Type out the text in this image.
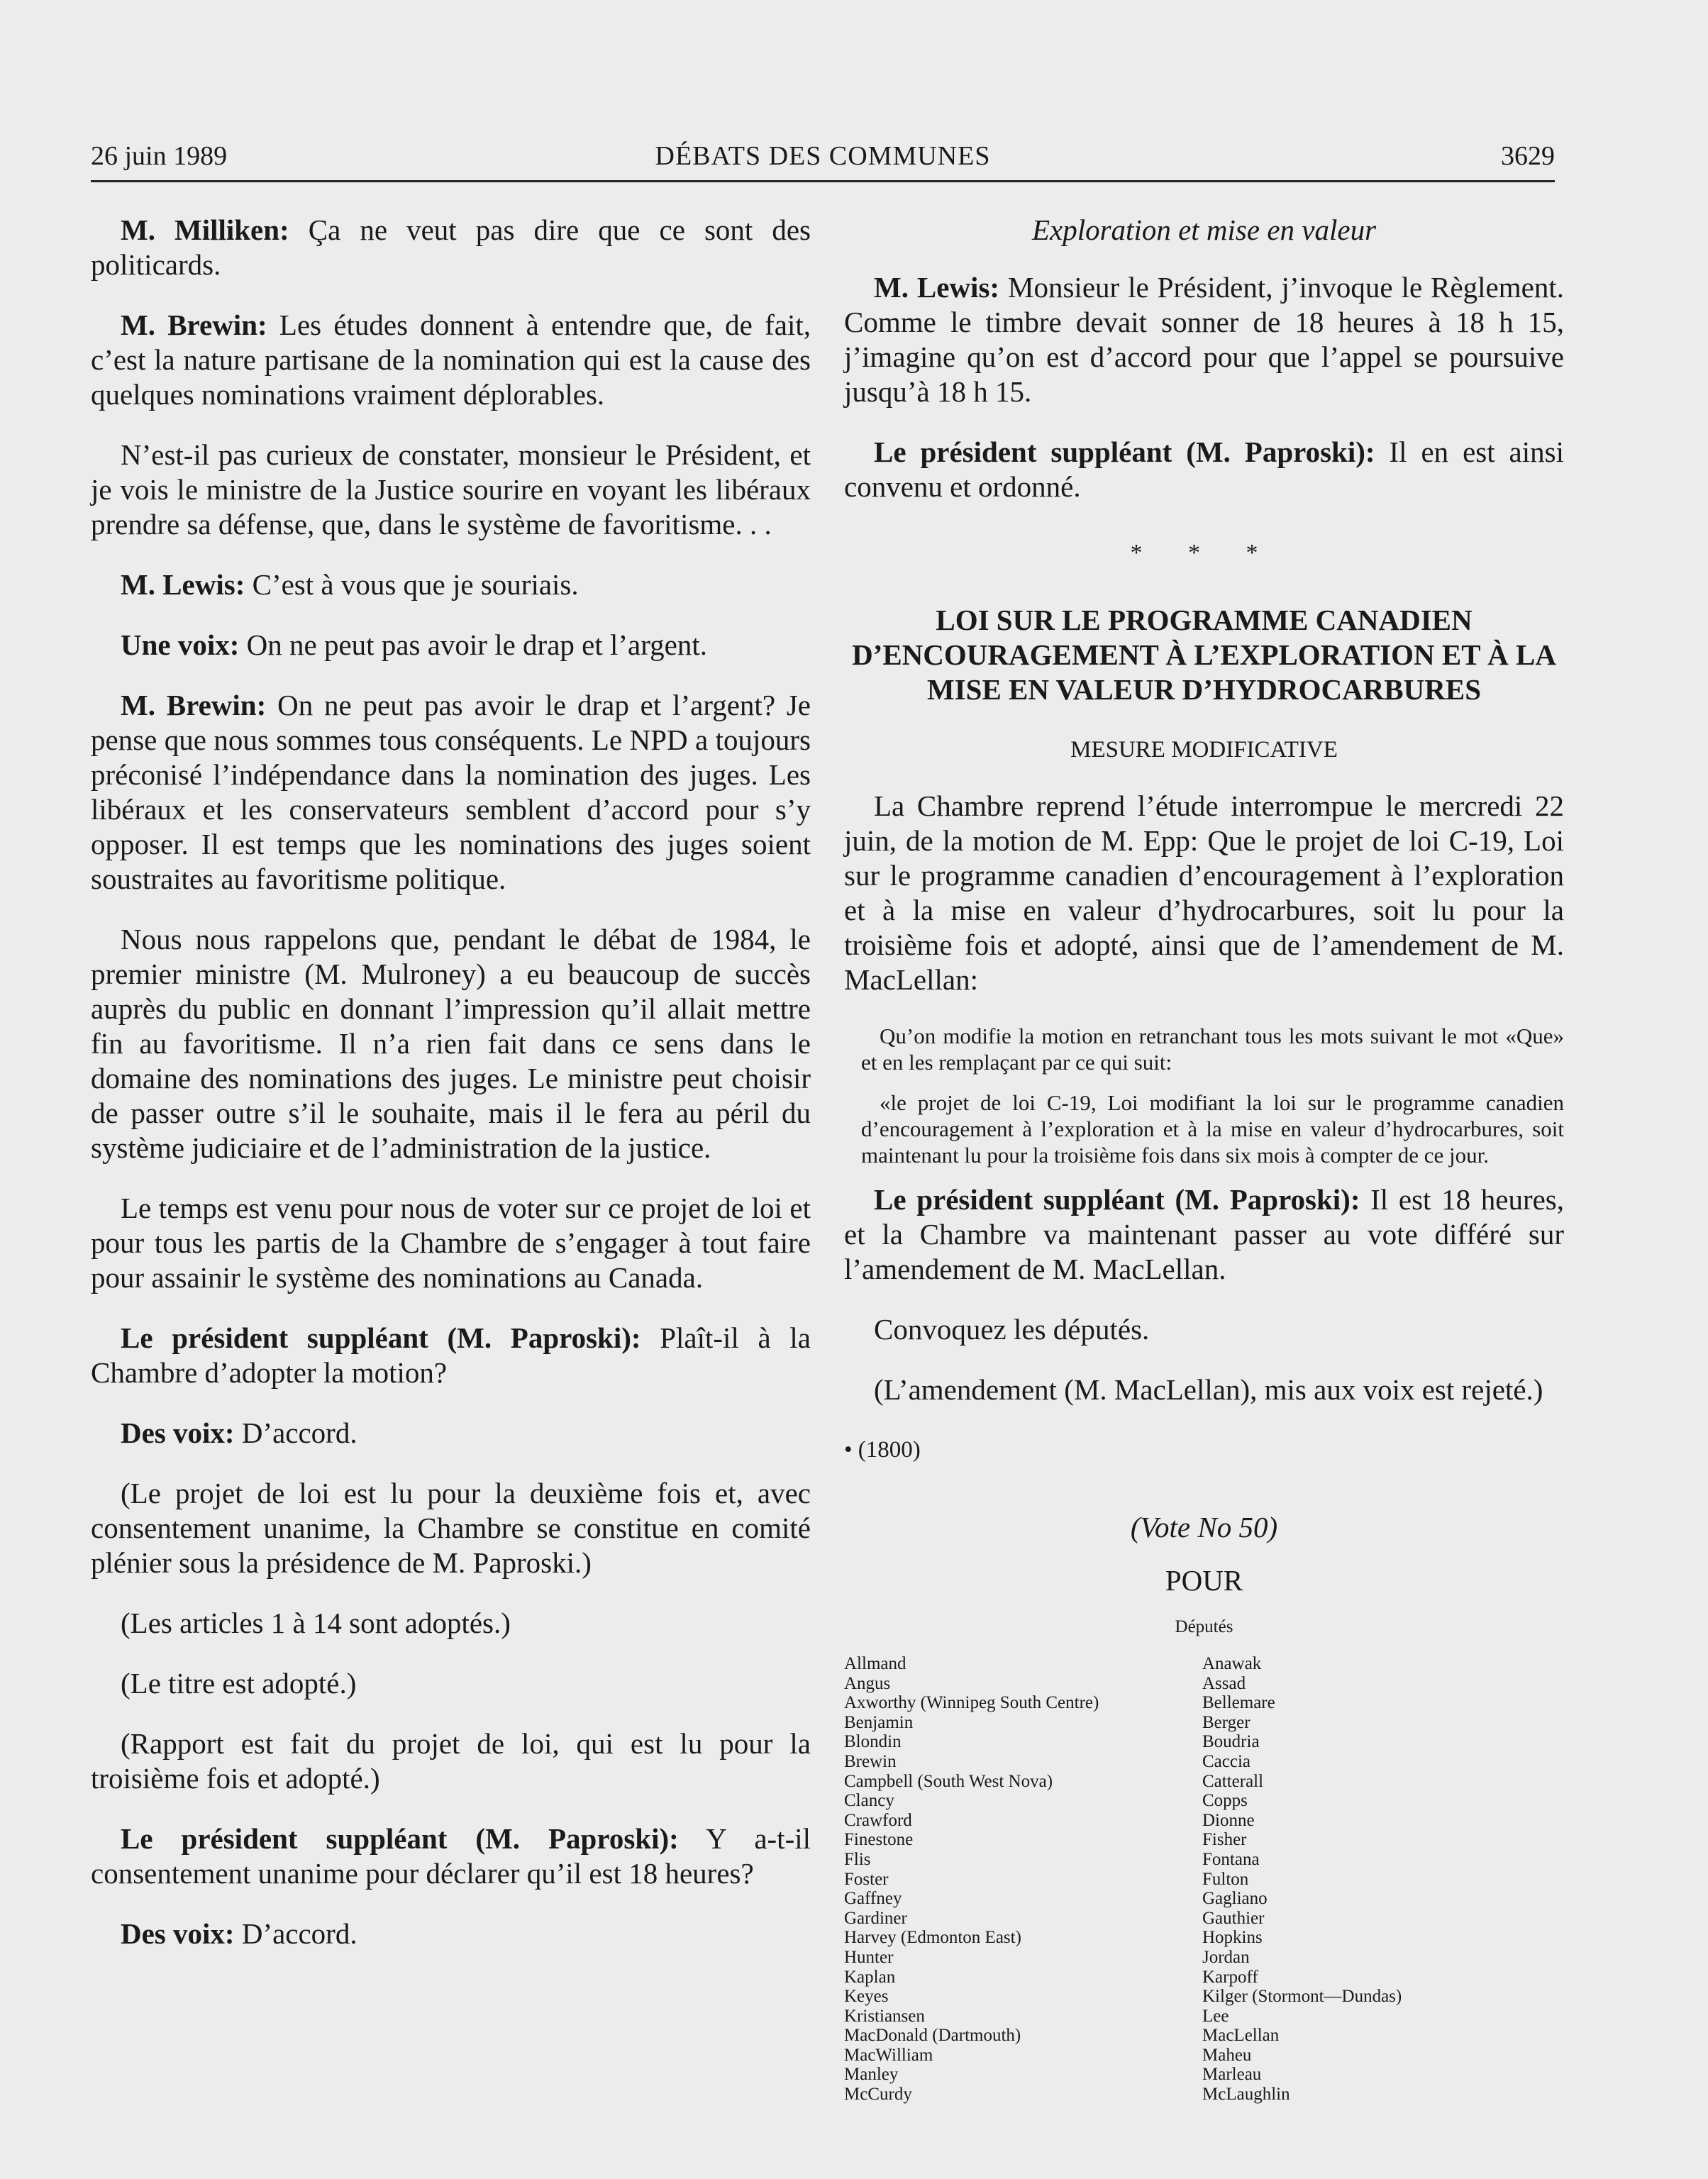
DÉBATS DES COMMUNES
26 juin 1989	3629

M. Milliken: Ça ne veut pas dire que ce sont des politicards.

M. Brewin: Les études donnent à entendre que, de fait, c’est la nature partisane de la nomination qui est la cause des quelques nominations vraiment déplorables.

N’est-il pas curieux de constater, monsieur le Président, et je vois le ministre de la Justice sourire en voyant les libéraux prendre sa défense, que, dans le système de favoritisme. . .

M. Lewis: C’est à vous que je souriais.

Une voix: On ne peut pas avoir le drap et l’argent.

M. Brewin: On ne peut pas avoir le drap et l’argent? Je pense que nous sommes tous conséquents. Le NPD a toujours préconisé l’indépendance dans la nomination des juges. Les libéraux et les conservateurs semblent d’accord pour s’y opposer. Il est temps que les nominations des juges soient soustraites au favoritisme politique.

Nous nous rappelons que, pendant le débat de 1984, le premier ministre (M. Mulroney) a eu beaucoup de succès auprès du public en donnant l’impression qu’il allait mettre fin au favoritisme. Il n’a rien fait dans ce sens dans le domaine des nominations des juges. Le ministre peut choisir de passer outre s’il le souhaite, mais il le fera au péril du système judiciaire et de l’administration de la justice.

Le temps est venu pour nous de voter sur ce projet de loi et pour tous les partis de la Chambre de s’engager à tout faire pour assainir le système des nominations au Canada.

Le président suppléant (M. Paproski): Plaît-il à la Chambre d’adopter la motion?

Des voix: D’accord.

(Le projet de loi est lu pour la deuxième fois et, avec consentement unanime, la Chambre se constitue en comité plénier sous la présidence de M. Paproski.)

(Les articles 1 à 14 sont adoptés.)

(Le titre est adopté.)

(Rapport est fait du projet de loi, qui est lu pour la troisième fois et adopté.)

Le président suppléant (M. Paproski): Y a-t-il consentement unanime pour déclarer qu’il est 18 heures?

Des voix: D’accord.

Exploration et mise en valeur

M. Lewis: Monsieur le Président, j’invoque le Règlement. Comme le timbre devait sonner de 18 heures à 18 h 15, j’imagine qu’on est d’accord pour que l’appel se poursuive jusqu’à 18 h 15.

Le président suppléant (M. Paproski): Il en est ainsi convenu et ordonné.

* * *

LOI SUR LE PROGRAMME CANADIEN D’ENCOURAGEMENT À L’EXPLORATION ET À LA MISE EN VALEUR D’HYDROCARBURES

MESURE MODIFICATIVE

La Chambre reprend l’étude interrompue le mercredi 22 juin, de la motion de M. Epp: Que le projet de loi C-19, Loi sur le programme canadien d’encouragement à l’exploration et à la mise en valeur d’hydrocarbures, soit lu pour la troisième fois et adopté, ainsi que de l’amendement de M. MacLellan:

Qu’on modifie la motion en retranchant tous les mots suivant le mot «Que» et en les remplaçant par ce qui suit:

«le projet de loi C-19, Loi modifiant la loi sur le programme canadien d’encouragement à l’exploration et à la mise en valeur d’hydrocarbures, soit maintenant lu pour la troisième fois dans six mois à compter de ce jour.

Le président suppléant (M. Paproski): Il est 18 heures, et la Chambre va maintenant passer au vote différé sur l’amendement de M. MacLellan.

Convoquez les députés.

(L’amendement (M. MacLellan), mis aux voix est rejeté.)

• (1800)

(Vote No 50)

POUR

Députés

Allmand
Angus
Axworthy (Winnipeg South Centre)
Benjamin
Blondin
Brewin
Campbell (South West Nova)
Clancy
Crawford
Finestone
Flis
Foster
Gaffney
Gardiner
Harvey (Edmonton East)
Hunter
Kaplan
Keyes
Kristiansen
MacDonald (Dartmouth)
MacWilliam
Manley
McCurdy
Anawak
Assad
Bellemare
Berger
Boudria
Caccia
Catterall
Copps
Dionne
Fisher
Fontana
Fulton
Gagliano
Gauthier
Hopkins
Jordan
Karpoff
Kilger (Stormont—Dundas)
Lee
MacLellan
Maheu
Marleau
McLaughlin
